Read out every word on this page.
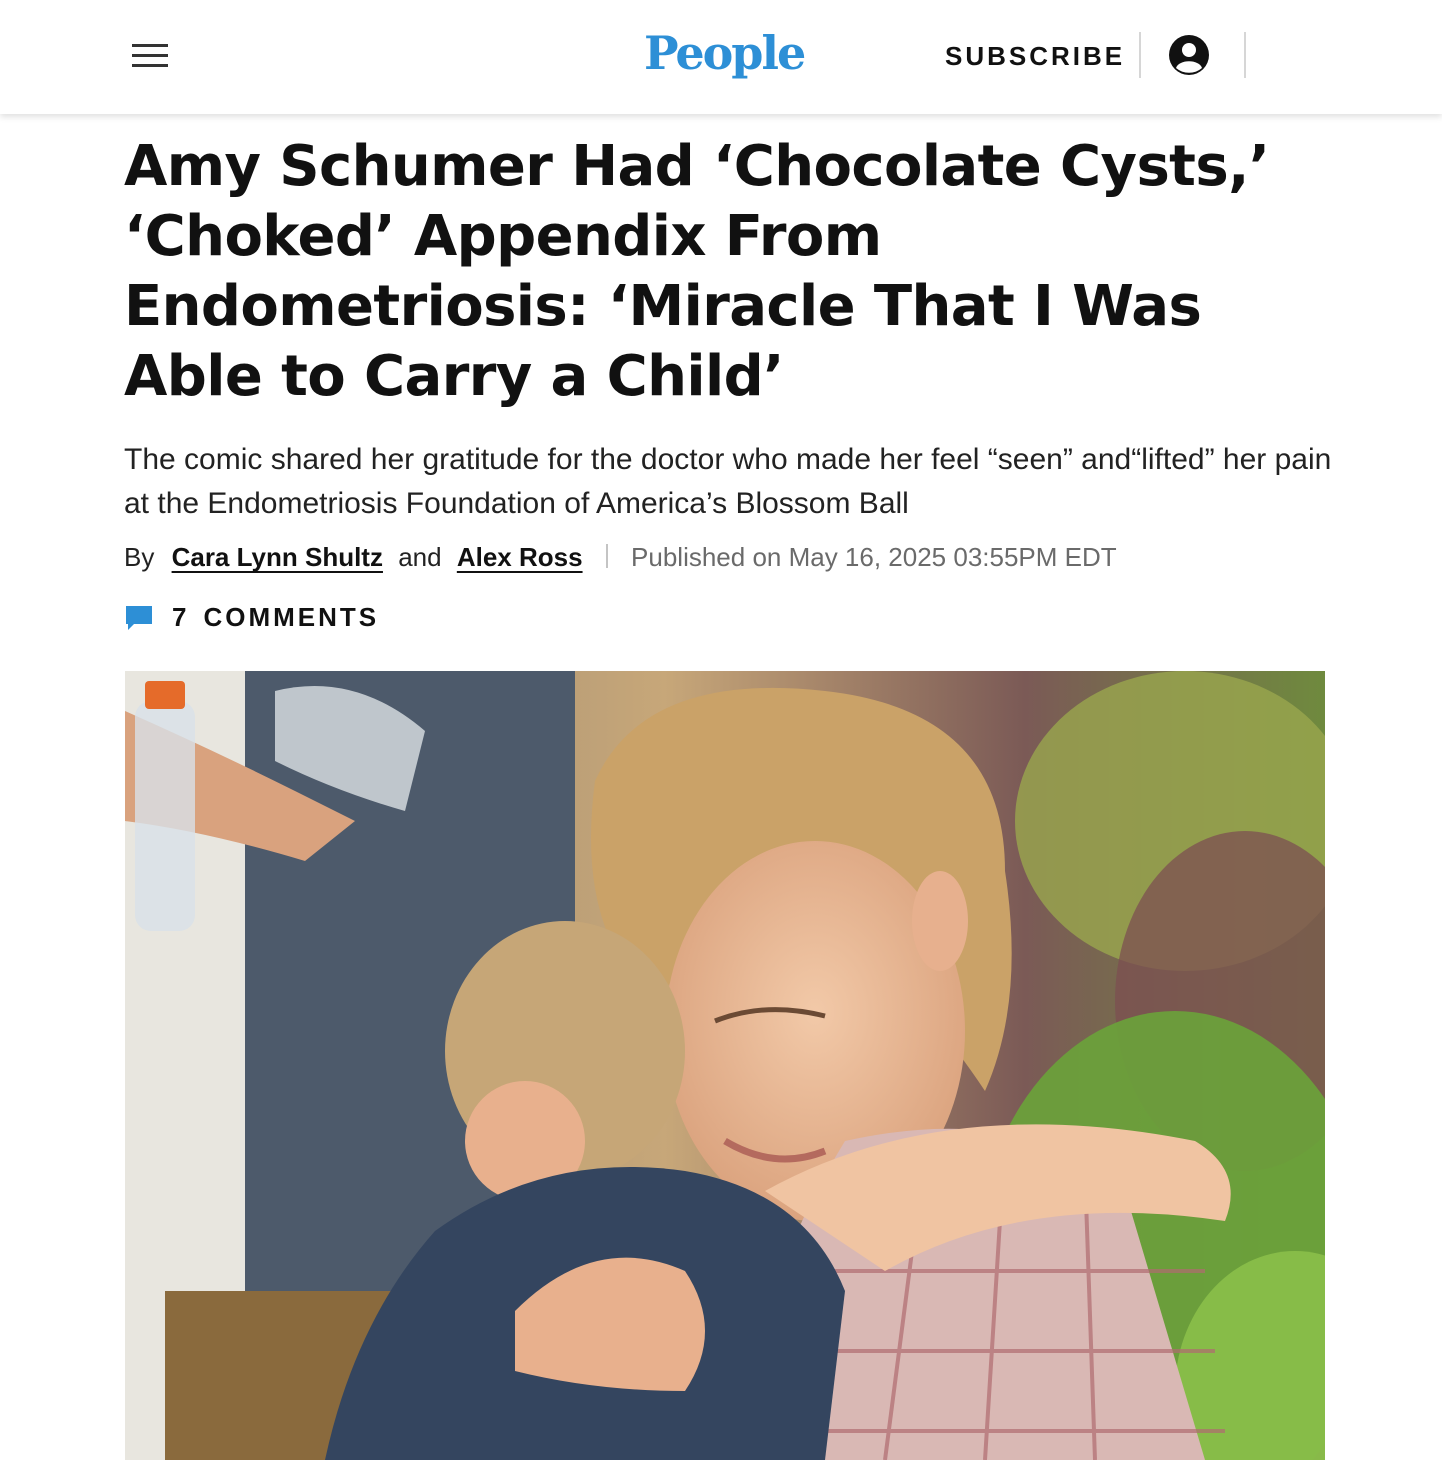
People	SUBSCRIBE
Amy Schumer Had ‘Chocolate Cysts,’ ‘Choked’ Appendix From Endometriosis: ‘Miracle That I Was Able to Carry a Child’

The comic shared her gratitude for the doctor who made her feel “seen” and“lifted” her pain at the Endometriosis Foundation of America’s Blossom Ball

By Cara Lynn Shultz and Alex Ross Published on May 16, 2025 03:55PM EDT
7 COMMENTS
